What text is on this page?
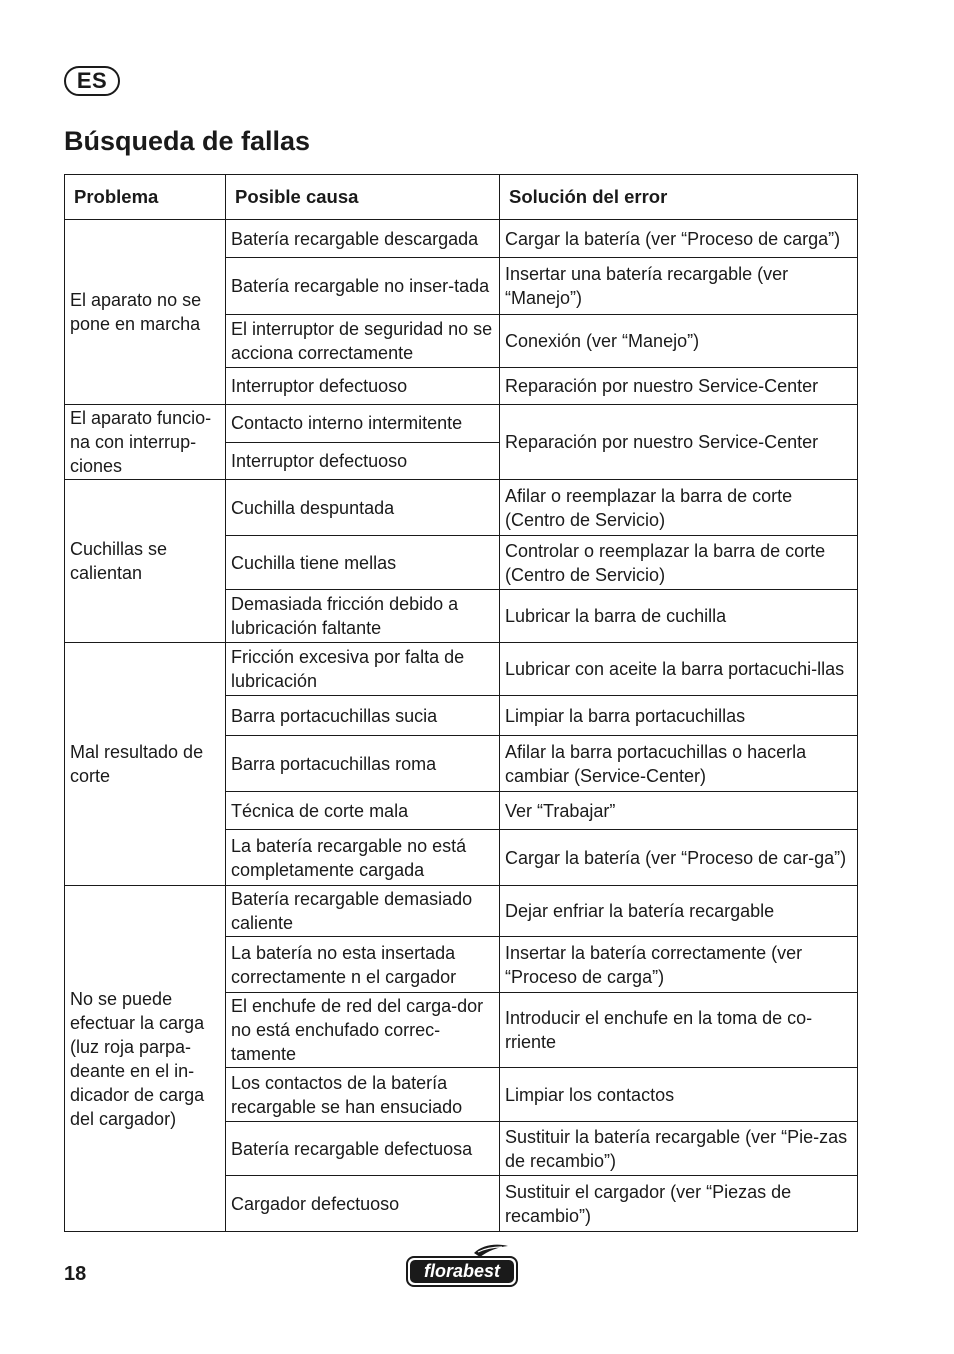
ES
Búsqueda de fallas
Problema	Posible causa	Solución del error
El aparato no se pone en marcha	Batería recargable descargada	Cargar la batería (ver “Proceso de carga”)
	Batería recargable no inser-tada	Insertar una batería recargable (ver “Manejo”)
	El interruptor de seguridad no se acciona correctamente	Conexión (ver “Manejo”)
	Interruptor defectuoso	Reparación por nuestro Service-Center
El aparato funcio-na con interrup-ciones	Contacto interno intermitente	Reparación por nuestro Service-Center
	Interruptor defectuoso	
Cuchillas se calientan	Cuchilla despuntada	Afilar o reemplazar la barra de corte (Centro de Servicio)
	Cuchilla tiene mellas	Controlar o reemplazar la barra de corte (Centro de Servicio)
	Demasiada fricción debido a lubricación faltante	Lubricar la barra de cuchilla
Mal resultado de corte	Fricción excesiva por falta de lubricación	Lubricar con aceite la barra portacuchi-llas
	Barra portacuchillas sucia	Limpiar la barra portacuchillas
	Barra portacuchillas roma	Afilar la barra portacuchillas o hacerla cambiar (Service-Center)
	Técnica de corte mala	Ver “Trabajar”
	La batería recargable no está completamente cargada	Cargar la batería (ver “Proceso de car-ga”)
No se puede efectuar la carga (luz roja parpa-deante en el in-dicador de carga del cargador)	Batería recargable demasiado caliente	Dejar enfriar la batería recargable
	La batería no esta insertada correctamente n el cargador	Insertar la batería correctamente (ver “Proceso de carga”)
	El enchufe de red del carga-dor no está enchufado correc-tamente	Introducir el enchufe en la toma de co-rriente
	Los contactos de la batería recargable se han ensuciado	Limpiar los contactos
	Batería recargable defectuosa	Sustituir la batería recargable (ver “Pie-zas de recambio”)
	Cargador defectuoso	Sustituir el cargador (ver “Piezas de recambio”)
18	florabest
